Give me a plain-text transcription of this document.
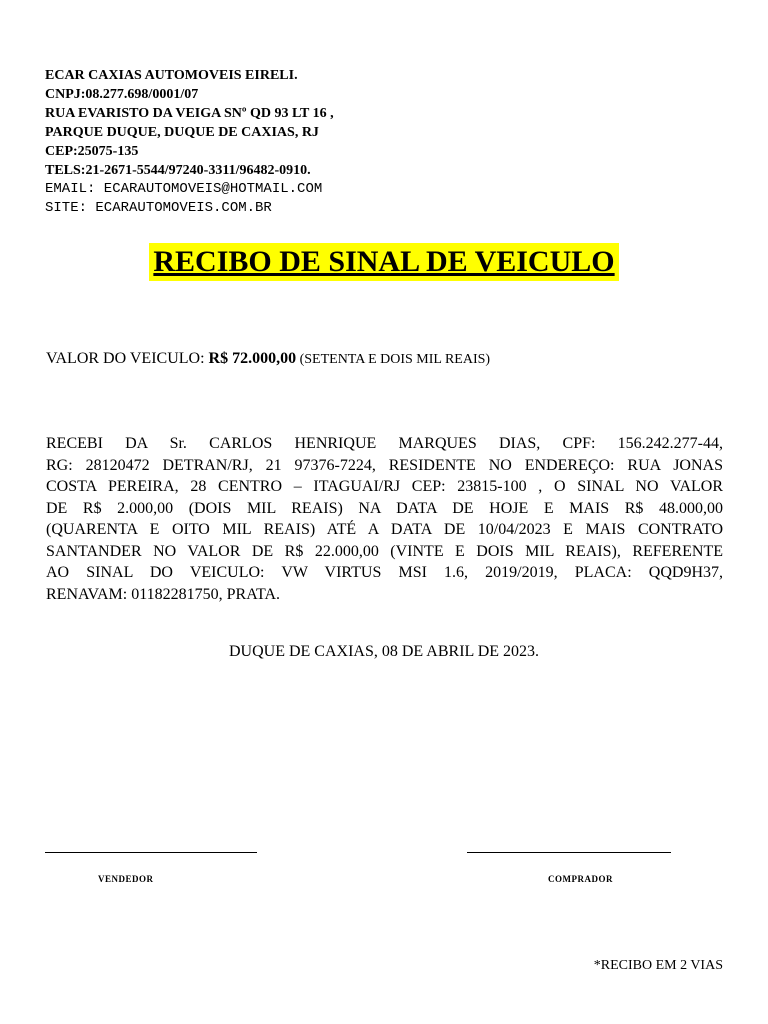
ECAR CAXIAS AUTOMOVEIS EIRELI.
CNPJ:08.277.698/0001/07
RUA EVARISTO DA VEIGA SNº QD 93 LT 16 ,
PARQUE DUQUE, DUQUE DE CAXIAS, RJ
CEP:25075-135
TELS:21-2671-5544/97240-3311/96482-0910.
EMAIL: ECARAUTOMOVEIS@HOTMAIL.COM
SITE: ECARAUTOMOVEIS.COM.BR
RECIBO DE SINAL DE VEICULO
VALOR DO VEICULO: R$ 72.000,00 (SETENTA E DOIS MIL REAIS)
RECEBI DA Sr. CARLOS HENRIQUE MARQUES DIAS, CPF: 156.242.277-44,
RG: 28120472 DETRAN/RJ, 21 97376-7224, RESIDENTE NO ENDEREÇO: RUA JONAS
COSTA PEREIRA, 28 CENTRO – ITAGUAI/RJ CEP: 23815-100 , O SINAL NO VALOR
DE R$ 2.000,00 (DOIS MIL REAIS) NA DATA DE HOJE E MAIS R$ 48.000,00
(QUARENTA E OITO MIL REAIS) ATÉ A DATA DE 10/04/2023 E MAIS CONTRATO
SANTANDER NO VALOR DE R$ 22.000,00 (VINTE E DOIS MIL REAIS), REFERENTE
AO SINAL DO VEICULO: VW VIRTUS MSI 1.6, 2019/2019, PLACA: QQD9H37,
RENAVAM: 01182281750, PRATA.
DUQUE DE CAXIAS, 08 DE ABRIL DE 2023.
VENDEDOR	COMPRADOR
*RECIBO EM 2 VIAS
